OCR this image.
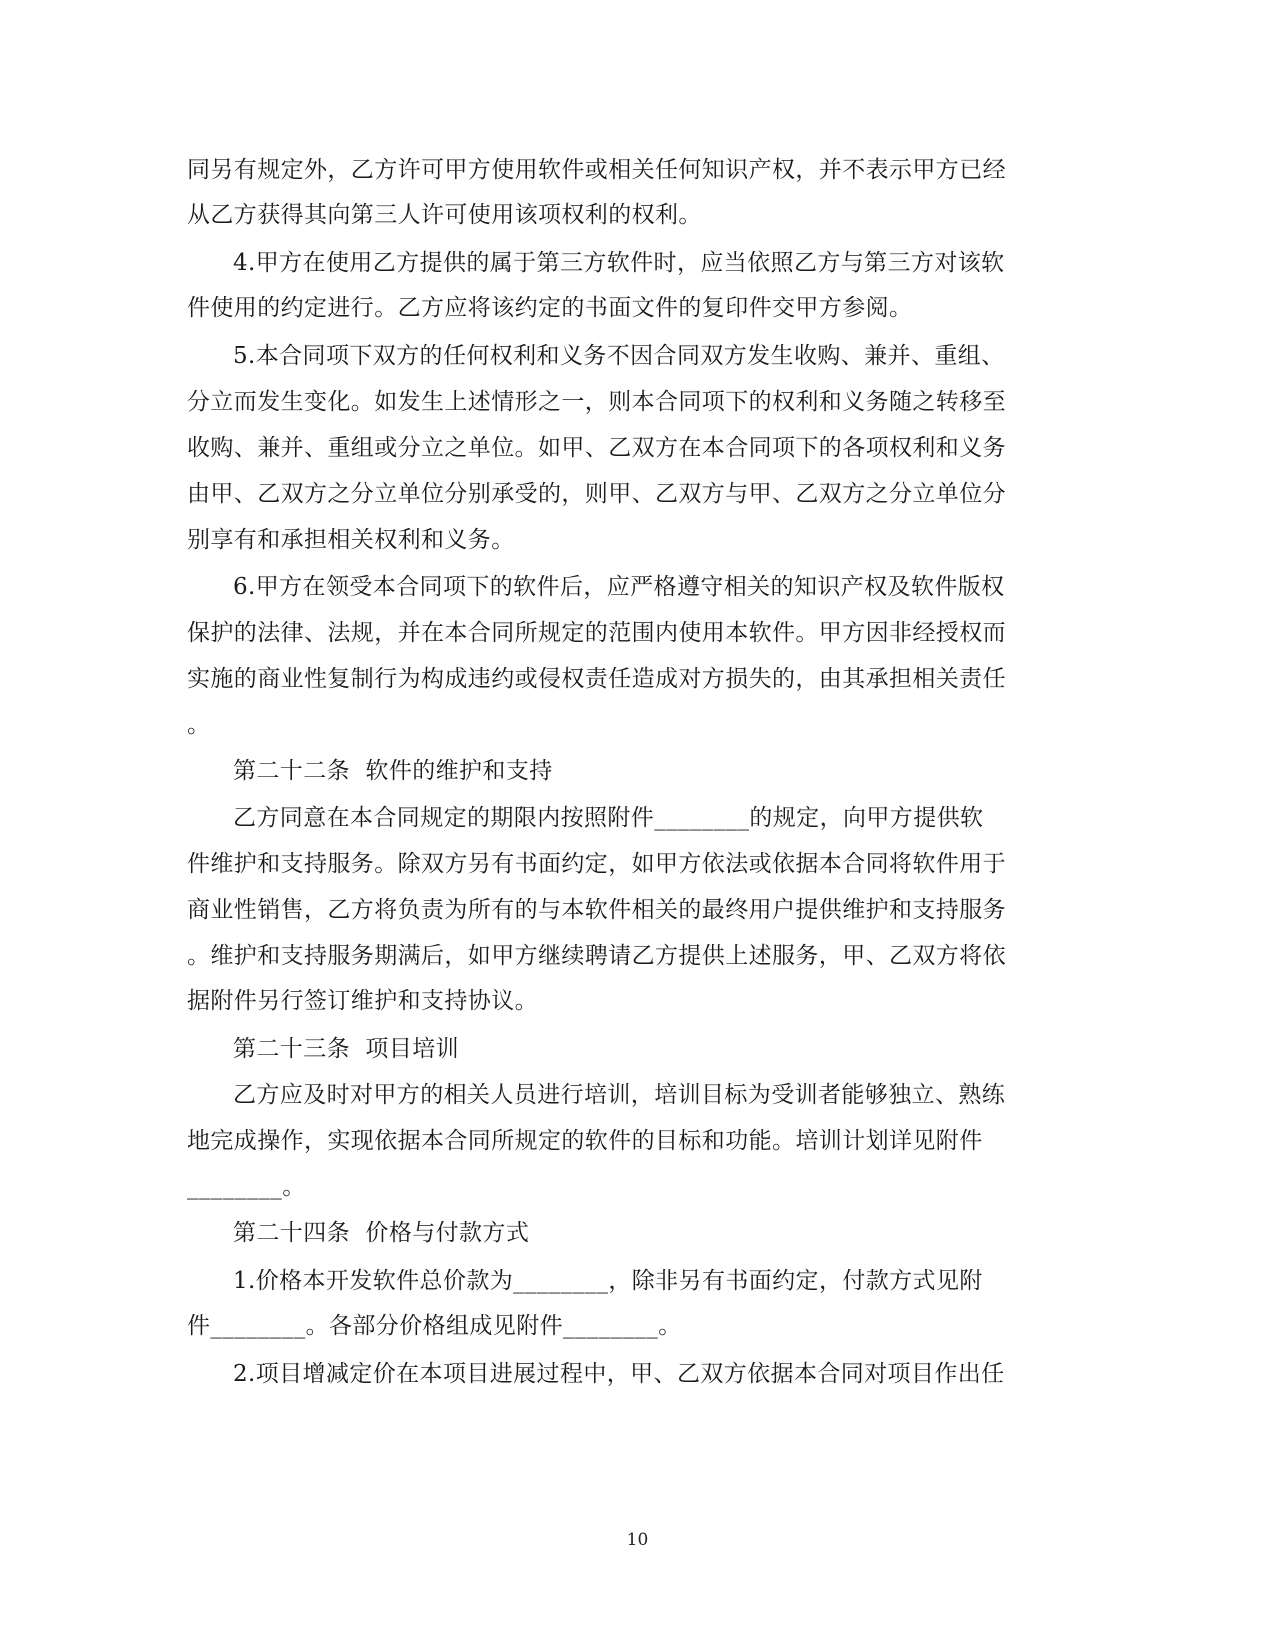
同另有规定外，乙方许可甲方使用软件或相关任何知识产权，并不表示甲方已经
从乙方获得其向第三人许可使用该项权利的权利。
4.甲方在使用乙方提供的属于第三方软件时，应当依照乙方与第三方对该软
件使用的约定进行。乙方应将该约定的书面文件的复印件交甲方参阅。
5.本合同项下双方的任何权利和义务不因合同双方发生收购、兼并、重组、
分立而发生变化。如发生上述情形之一，则本合同项下的权利和义务随之转移至
收购、兼并、重组或分立之单位。如甲、乙双方在本合同项下的各项权利和义务
由甲、乙双方之分立单位分别承受的，则甲、乙双方与甲、乙双方之分立单位分
别享有和承担相关权利和义务。
6.甲方在领受本合同项下的软件后，应严格遵守相关的知识产权及软件版权
保护的法律、法规，并在本合同所规定的范围内使用本软件。甲方因非经授权而
实施的商业性复制行为构成违约或侵权责任造成对方损失的，由其承担相关责任
。
第二十二条  软件的维护和支持
乙方同意在本合同规定的期限内按照附件________的规定，向甲方提供软
件维护和支持服务。除双方另有书面约定，如甲方依法或依据本合同将软件用于
商业性销售，乙方将负责为所有的与本软件相关的最终用户提供维护和支持服务
。维护和支持服务期满后，如甲方继续聘请乙方提供上述服务，甲、乙双方将依
据附件另行签订维护和支持协议。
第二十三条  项目培训
乙方应及时对甲方的相关人员进行培训，培训目标为受训者能够独立、熟练
地完成操作，实现依据本合同所规定的软件的目标和功能。培训计划详见附件
________。
第二十四条  价格与付款方式
1.价格本开发软件总价款为________，除非另有书面约定，付款方式见附
件________。各部分价格组成见附件________。
2.项目增减定价在本项目进展过程中，甲、乙双方依据本合同对项目作出任
10
